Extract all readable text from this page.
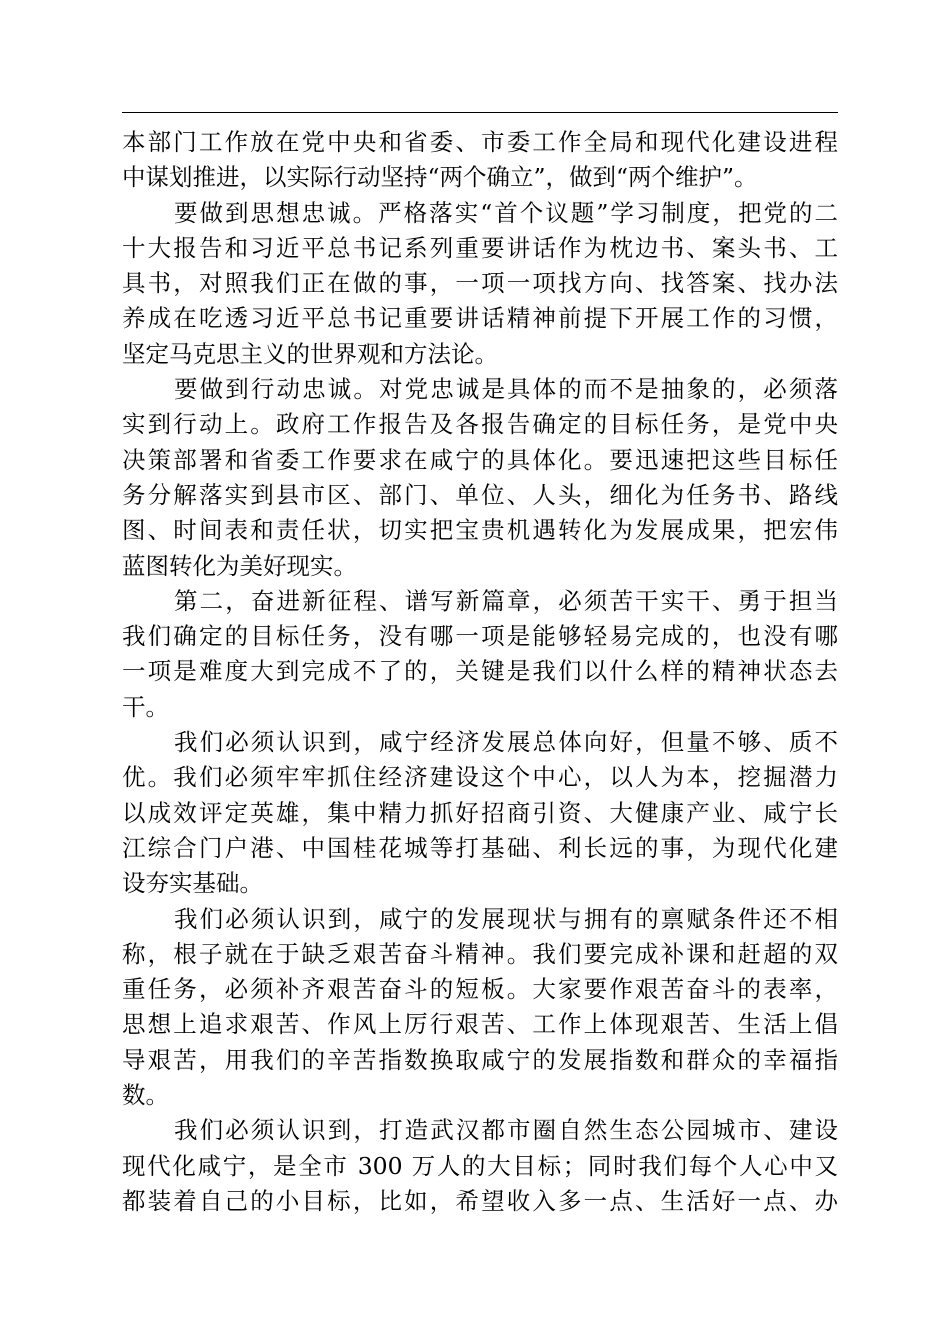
本部门工作放在党中央和省委、市委工作全局和现代化建设进程
中谋划推进，以实际行动坚持“两个确立”，做到“两个维护”。
要做到思想忠诚。严格落实“首个议题”学习制度，把党的二
十大报告和习近平总书记系列重要讲话作为枕边书、案头书、工
具书，对照我们正在做的事，一项一项找方向、找答案、找办法
养成在吃透习近平总书记重要讲话精神前提下开展工作的习惯，
坚定马克思主义的世界观和方法论。
要做到行动忠诚。对党忠诚是具体的而不是抽象的，必须落
实到行动上。政府工作报告及各报告确定的目标任务，是党中央
决策部署和省委工作要求在咸宁的具体化。要迅速把这些目标任
务分解落实到县市区、部门、单位、人头，细化为任务书、路线
图、时间表和责任状，切实把宝贵机遇转化为发展成果，把宏伟
蓝图转化为美好现实。
第二，奋进新征程、谱写新篇章，必须苦干实干、勇于担当
我们确定的目标任务，没有哪一项是能够轻易完成的，也没有哪
一项是难度大到完成不了的，关键是我们以什么样的精神状态去
干。
我们必须认识到，咸宁经济发展总体向好，但量不够、质不
优。我们必须牢牢抓住经济建设这个中心，以人为本，挖掘潜力
以成效评定英雄，集中精力抓好招商引资、大健康产业、咸宁长
江综合门户港、中国桂花城等打基础、利长远的事，为现代化建
设夯实基础。
我们必须认识到，咸宁的发展现状与拥有的禀赋条件还不相
称，根子就在于缺乏艰苦奋斗精神。我们要完成补课和赶超的双
重任务，必须补齐艰苦奋斗的短板。大家要作艰苦奋斗的表率，
思想上追求艰苦、作风上厉行艰苦、工作上体现艰苦、生活上倡
导艰苦，用我们的辛苦指数换取咸宁的发展指数和群众的幸福指
数。
我们必须认识到，打造武汉都市圈自然生态公园城市、建设
现代化咸宁，是全市 300 万人的大目标；同时我们每个人心中又
都装着自己的小目标，比如，希望收入多一点、生活好一点、办
